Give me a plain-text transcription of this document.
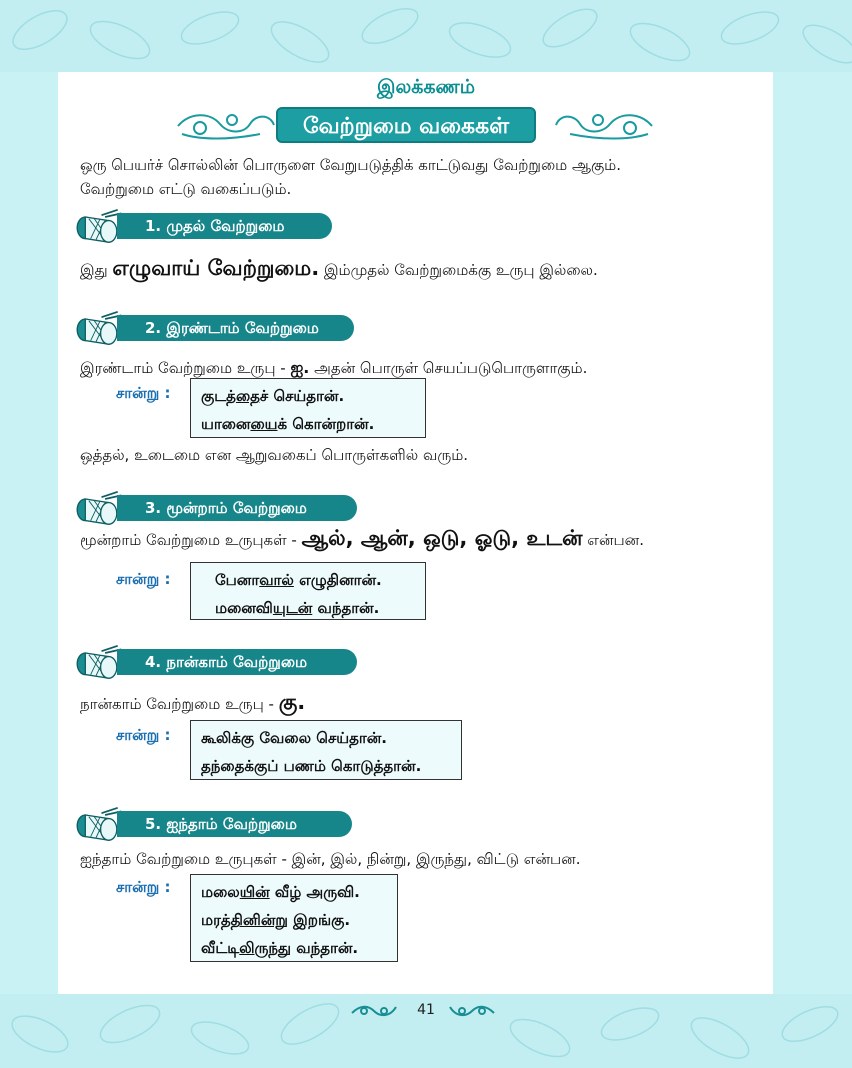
இலக்கணம்
வேற்றுமை வகைகள்
ஒரு பெயர்ச் சொல்லின் பொருளை வேறுபடுத்திக் காட்டுவது வேற்றுமை ஆகும்.
வேற்றுமை எட்டு வகைப்படும்.
1. முதல் வேற்றுமை
இது எழுவாய் வேற்றுமை. இம்முதல் வேற்றுமைக்கு உருபு இல்லை.
2. இரண்டாம் வேற்றுமை
இரண்டாம் வேற்றுமை உருபு - ஐ. அதன் பொருள் செயப்படுபொருளாகும்.
சான்று : குடத்தைச் செய்தான்.
யானையைக் கொன்றான்.
ஒத்தல், உடைமை என ஆறுவகைப் பொருள்களில் வரும்.
3. மூன்றாம் வேற்றுமை
மூன்றாம் வேற்றுமை உருபுகள் - ஆல், ஆன், ஒடு, ஓடு, உடன் என்பன.
சான்று :	பேனாவால் எழுதினான்.
மனைவியுடன் வந்தான்.
4. நான்காம் வேற்றுமை
நான்காம் வேற்றுமை உருபு - கு.
சான்று : கூலிக்கு வேலை செய்தான்.
தந்தைக்குப் பணம் கொடுத்தான்.
5. ஐந்தாம் வேற்றுமை
ஐந்தாம் வேற்றுமை உருபுகள் - இன், இல், நின்று, இருந்து, விட்டு என்பன.
சான்று : மலையின் வீழ் அருவி.
மரத்தினின்று இறங்கு.
வீட்டிலிருந்து வந்தான்.
41
